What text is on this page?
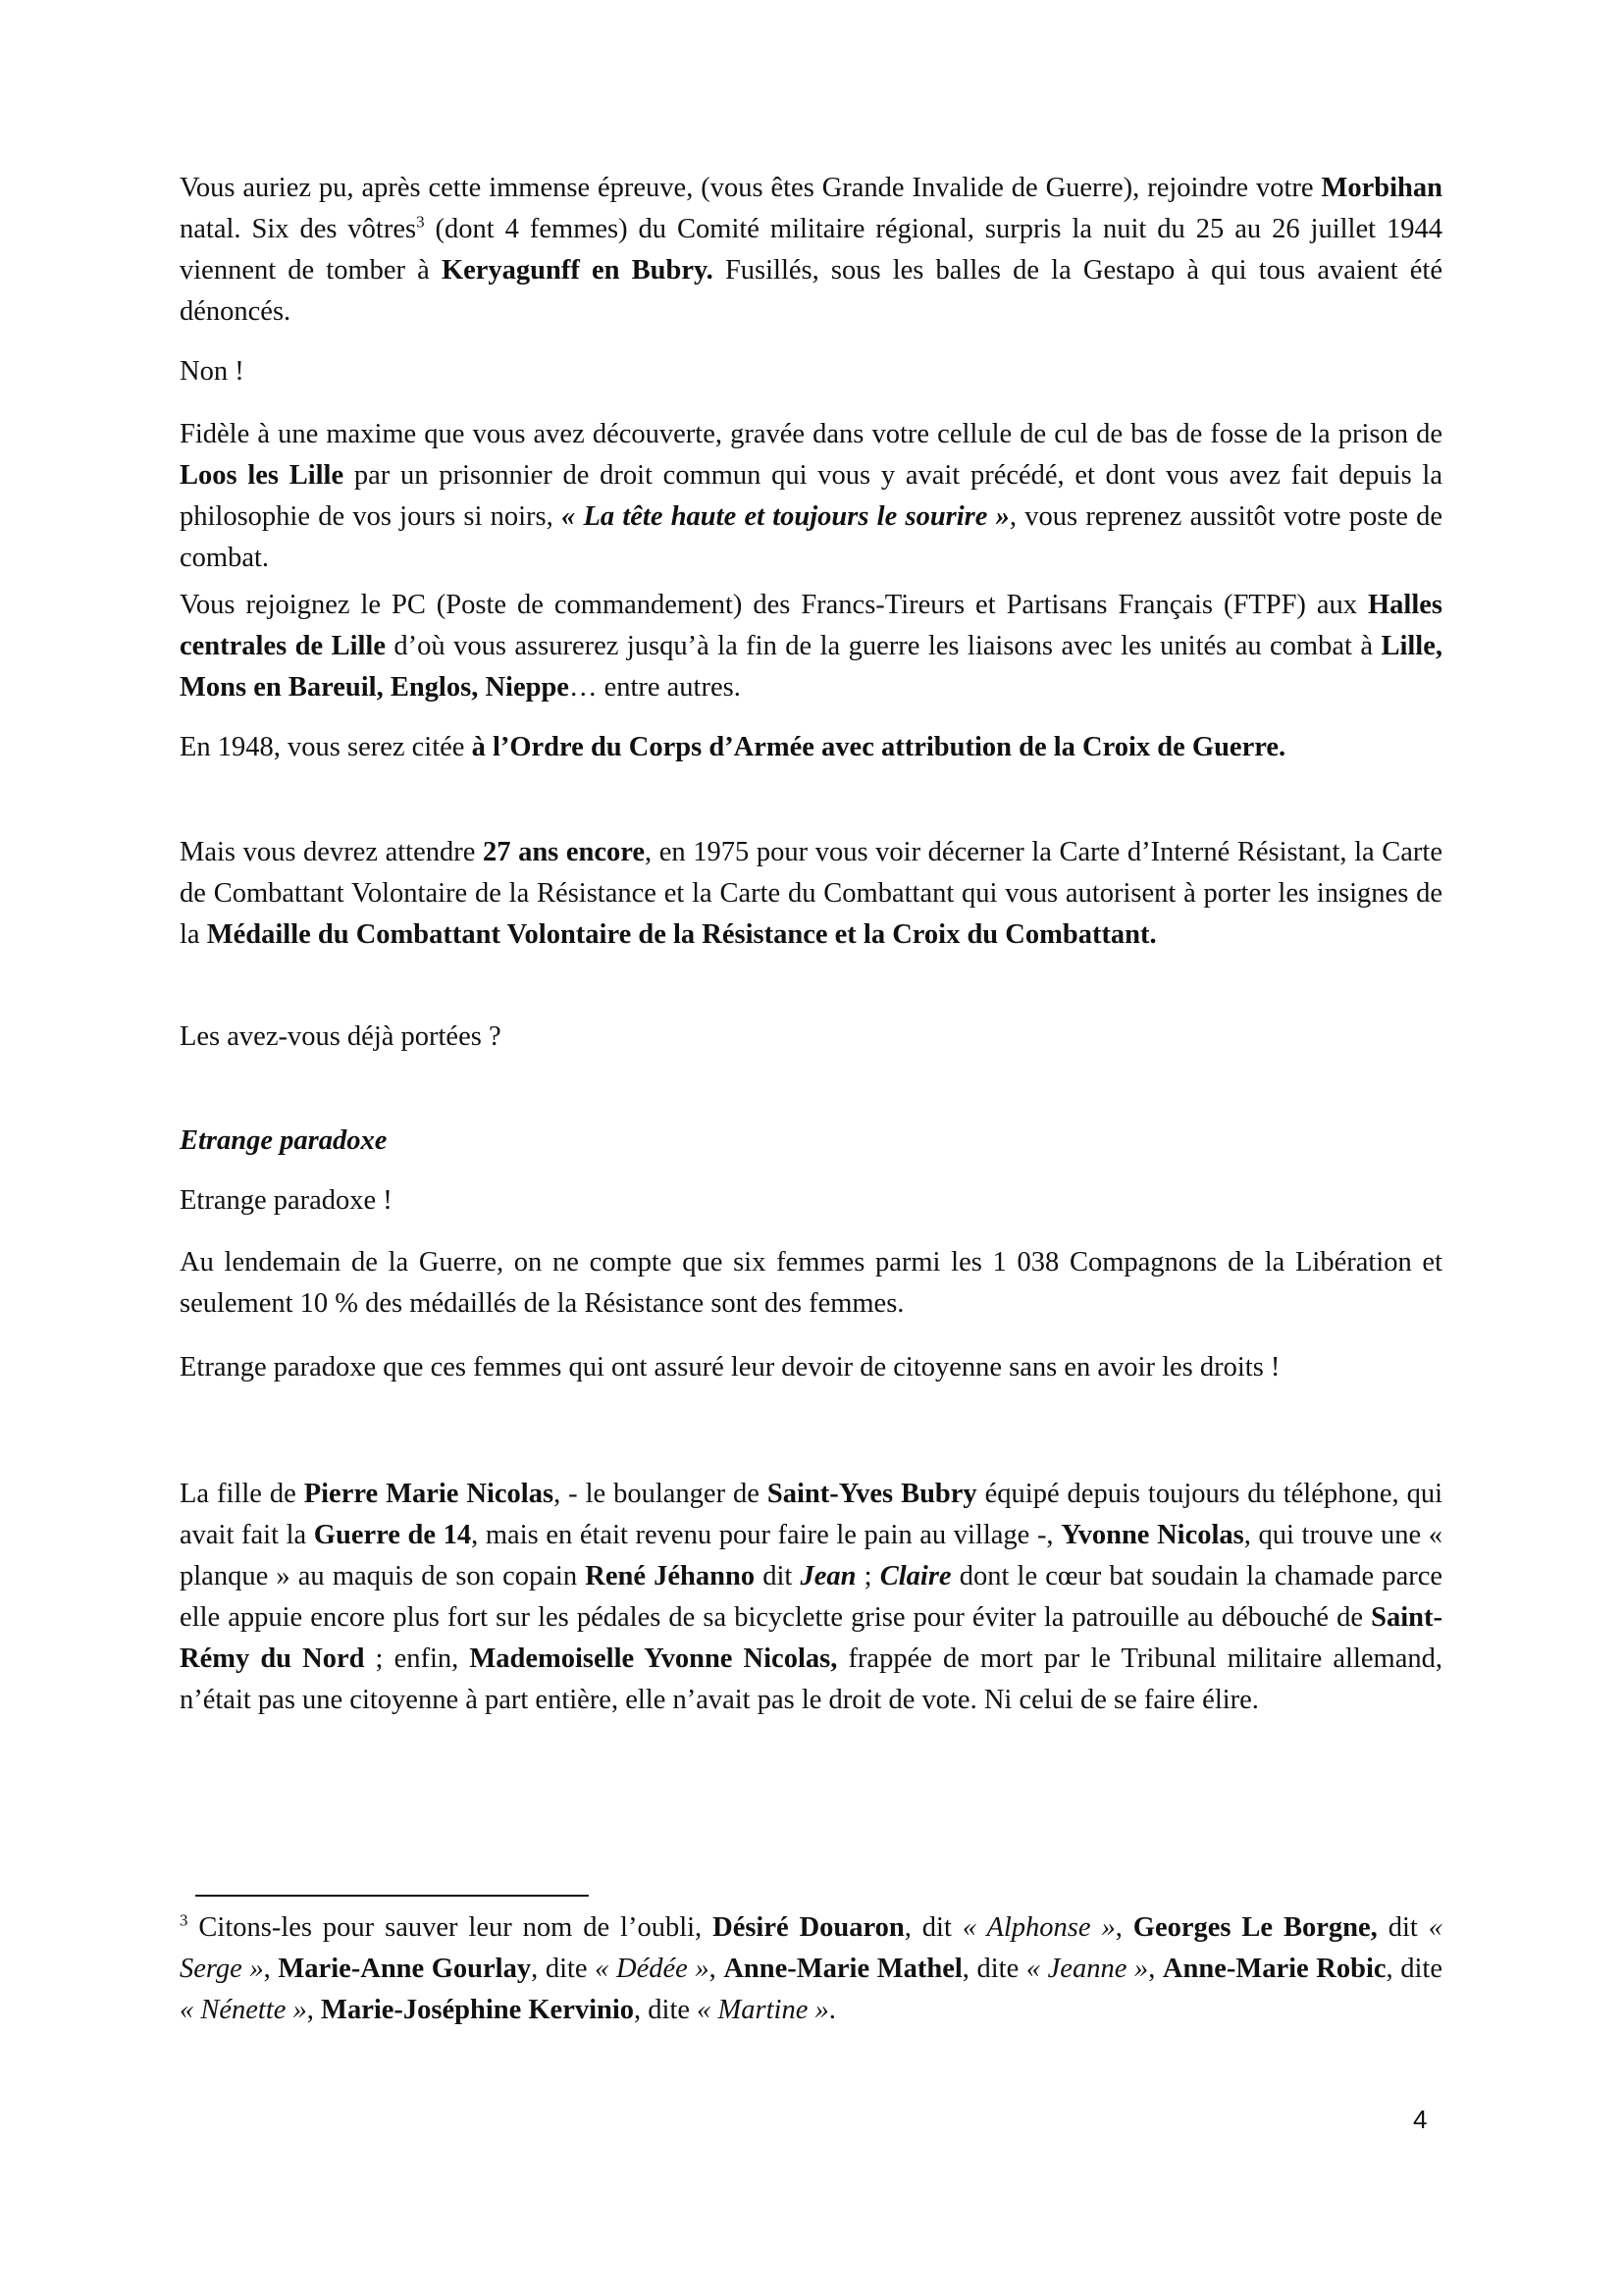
Vous auriez pu, après cette immense épreuve, (vous êtes Grande Invalide de Guerre), rejoindre votre Morbihan natal. Six des vôtres$^3$ (dont 4 femmes) du Comité militaire régional, surpris la nuit du 25 au 26 juillet 1944 viennent de tomber à Keryagunff en Bubry. Fusillés, sous les balles de la Gestapo à qui tous avaient été dénoncés.

Non !

Fidèle à une maxime que vous avez découverte, gravée dans votre cellule de cul de bas de fosse de la prison de Loos les Lille par un prisonnier de droit commun qui vous y avait précédé, et dont vous avez fait depuis la philosophie de vos jours si noirs, « La tête haute et toujours le sourire », vous reprenez aussitôt votre poste de combat.

Vous rejoignez le PC (Poste de commandement) des Francs-Tireurs et Partisans Français (FTPF) aux Halles centrales de Lille d’où vous assurerez jusqu’à la fin de la guerre les liaisons avec les unités au combat à Lille, Mons en Bareuil, Englos, Nieppe… entre autres.

En 1948, vous serez citée à l’Ordre du Corps d’Armée avec attribution de la Croix de Guerre.

Mais vous devrez attendre 27 ans encore, en 1975 pour vous voir décerner la Carte d’Interné Résistant, la Carte de Combattant Volontaire de la Résistance et la Carte du Combattant qui vous autorisent à porter les insignes de la Médaille du Combattant Volontaire de la Résistance et la Croix du Combattant.

Les avez-vous déjà portées ?

Etrange paradoxe

Etrange paradoxe !

Au lendemain de la Guerre, on ne compte que six femmes parmi les 1 038 Compagnons de la Libération et seulement 10 % des médaillés de la Résistance sont des femmes.

Etrange paradoxe que ces femmes qui ont assuré leur devoir de citoyenne sans en avoir les droits !

La fille de Pierre Marie Nicolas, - le boulanger de Saint-Yves Bubry équipé depuis toujours du téléphone, qui avait fait la Guerre de 14, mais en était revenu pour faire le pain au village -, Yvonne Nicolas, qui trouve une « planque » au maquis de son copain René Jéhanno dit Jean ; Claire dont le cœur bat soudain la chamade parce elle appuie encore plus fort sur les pédales de sa bicyclette grise pour éviter la patrouille au débouché de Saint-Rémy du Nord ; enfin, Mademoiselle Yvonne Nicolas, frappée de mort par le Tribunal militaire allemand, n’était pas une citoyenne à part entière, elle n’avait pas le droit de vote. Ni celui de se faire élire.

$^3$ Citons-les pour sauver leur nom de l’oubli, Désiré Douaron, dit « Alphonse », Georges Le Borgne, dit « Serge », Marie-Anne Gourlay, dite « Dédée », Anne-Marie Mathel, dite « Jeanne », Anne-Marie Robic, dite « Nénette », Marie-Joséphine Kervinio, dite « Martine ».

4
